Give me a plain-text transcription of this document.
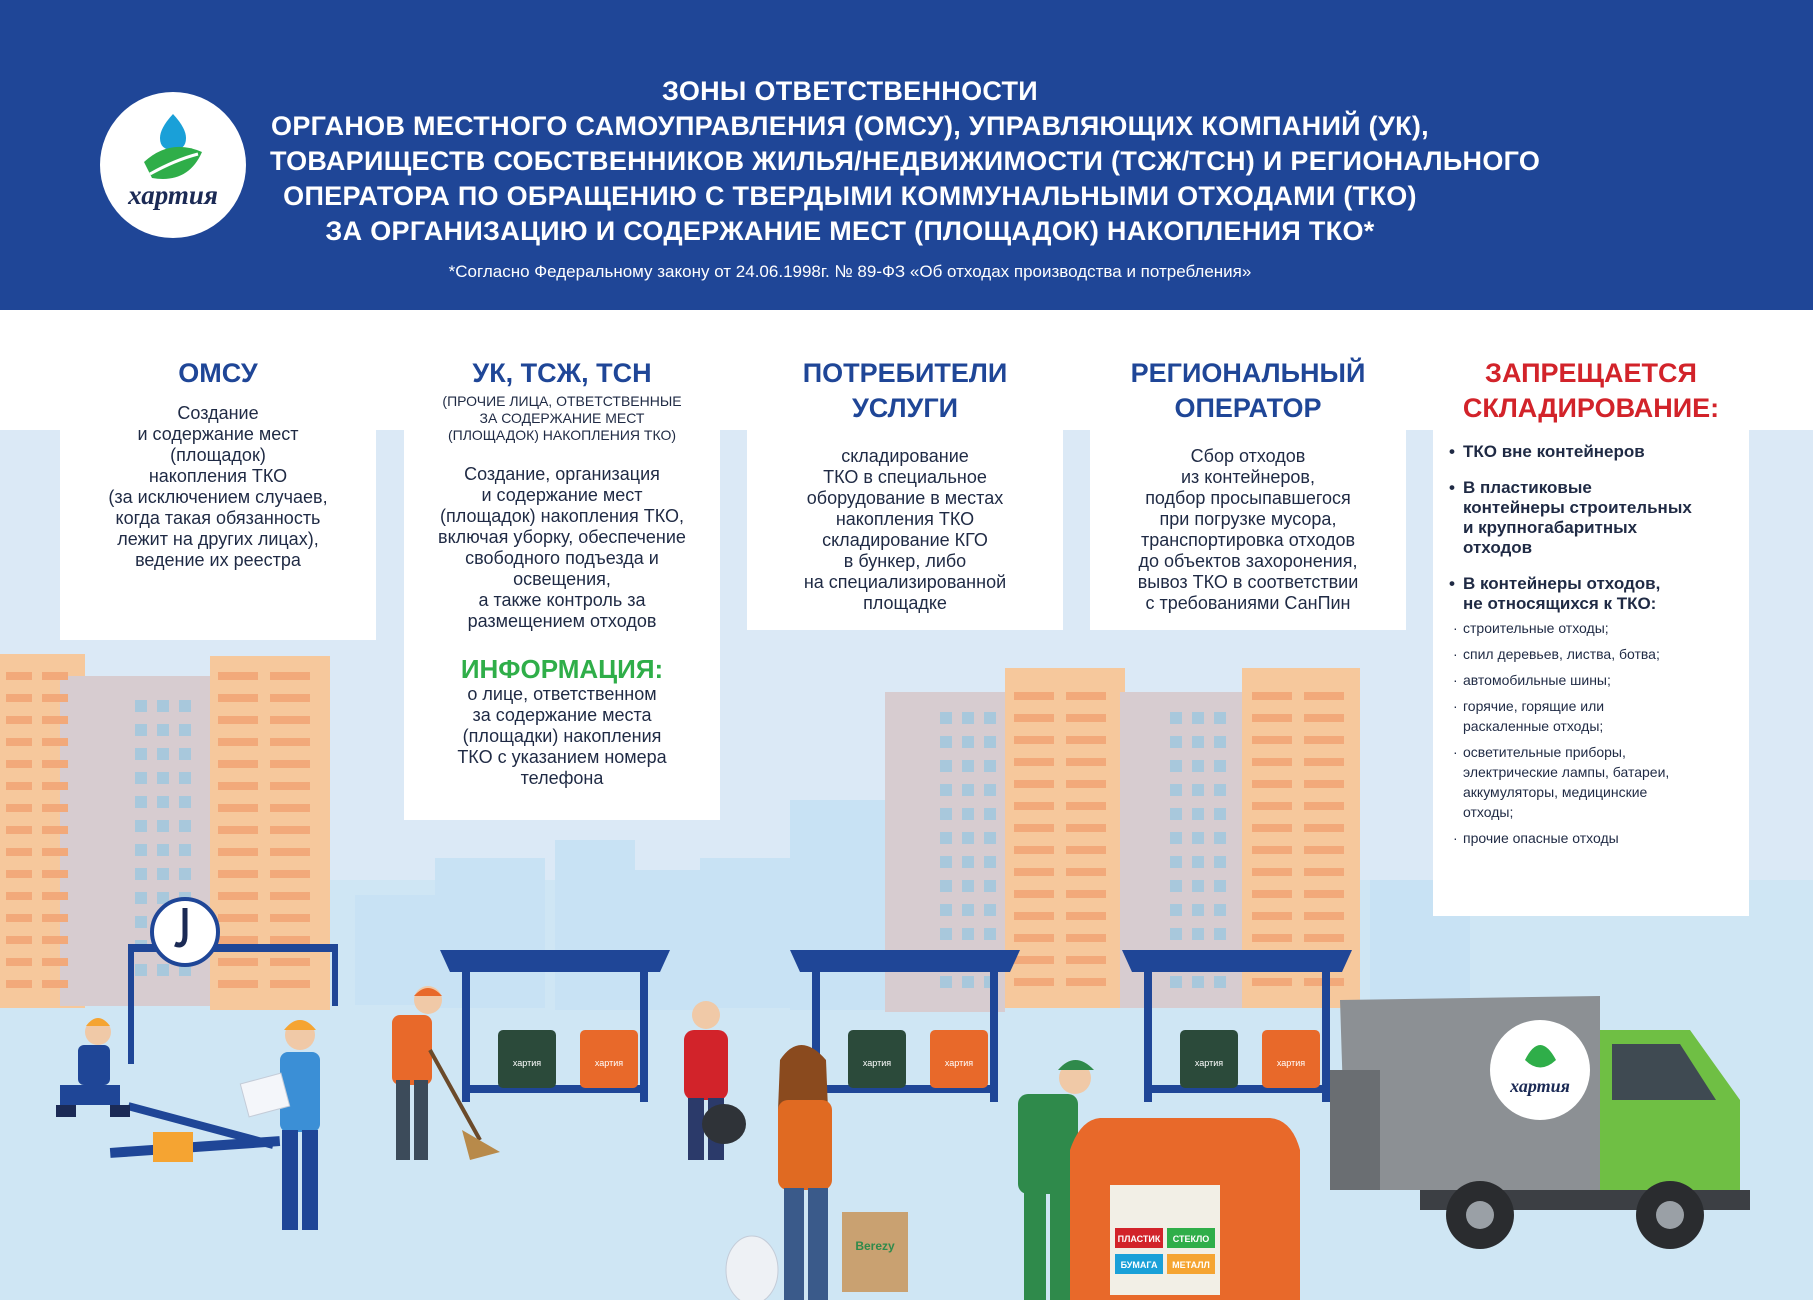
хартия	хартия	хартия	хартия	хартия	хартия
ПЛАСТИК СТЕКЛО
БУМАГА МЕТАЛЛ
Berezy
хартия
хартия
ЗОНЫ ОТВЕТСТВЕННОСТИ
ОРГАНОВ МЕСТНОГО САМОУПРАВЛЕНИЯ (ОМСУ), УПРАВЛЯЮЩИХ КОМПАНИЙ (УК),
ТОВАРИЩЕСТВ СОБСТВЕННИКОВ ЖИЛЬЯ/НЕДВИЖИМОСТИ (ТСЖ/ТСН) И РЕГИОНАЛЬНОГО
ОПЕРАТОРА ПО ОБРАЩЕНИЮ С ТВЕРДЫМИ КОММУНАЛЬНЫМИ ОТХОДАМИ (ТКО)
ЗА ОРГАНИЗАЦИЮ И СОДЕРЖАНИЕ МЕСТ (ПЛОЩАДОК) НАКОПЛЕНИЯ ТКО*
*Согласно Федеральному закону от 24.06.1998г. № 89-ФЗ «Об отходах производства и потребления»
ОМСУ
Создание
и содержание мест
(площадок)
накопления ТКО
(за исключением случаев,
когда такая обязанность
лежит на других лицах),
ведение их реестра
УК, ТСЖ, ТСН
(ПРОЧИЕ ЛИЦА, ОТВЕТСТВЕННЫЕ
ЗА СОДЕРЖАНИЕ МЕСТ
(ПЛОЩАДОК) НАКОПЛЕНИЯ ТКО)
Создание, организация
и содержание мест
(площадок) накопления ТКО,
включая уборку, обеспечение
свободного подъезда и
освещения,
а также контроль за
размещением отходов
ИНФОРМАЦИЯ:
о лице, ответственном
за содержание места
(площадки) накопления
ТКО с указанием номера
телефона
ПОТРЕБИТЕЛИ
УСЛУГИ
складирование
ТКО в специальное
оборудование в местах
накопления ТКО
складирование КГО
в бункер, либо
на специализированной
площадке
РЕГИОНАЛЬНЫЙ
ОПЕРАТОР
Сбор отходов
из контейнеров,
подбор просыпавшегося
при погрузке мусора,
транспортировка отходов
до объектов захоронения,
вывоз ТКО в соответствии
с требованиями СанПин
ЗАПРЕЩАЕТСЯ
СКЛАДИРОВАНИЕ:
• ТКО вне контейнеров
• В пластиковые
контейнеры строительных
и крупногабаритных
отходов
• В контейнеры отходов,
не относящихся к ТКО:
· строительные отходы;
· спил деревьев, листва, ботва;
· автомобильные шины;
· горячие, горящие или
раскаленные отходы;
· осветительные приборы,
электрические лампы, батареи,
аккумуляторы, медицинские
отходы;
· прочие опасные отходы
